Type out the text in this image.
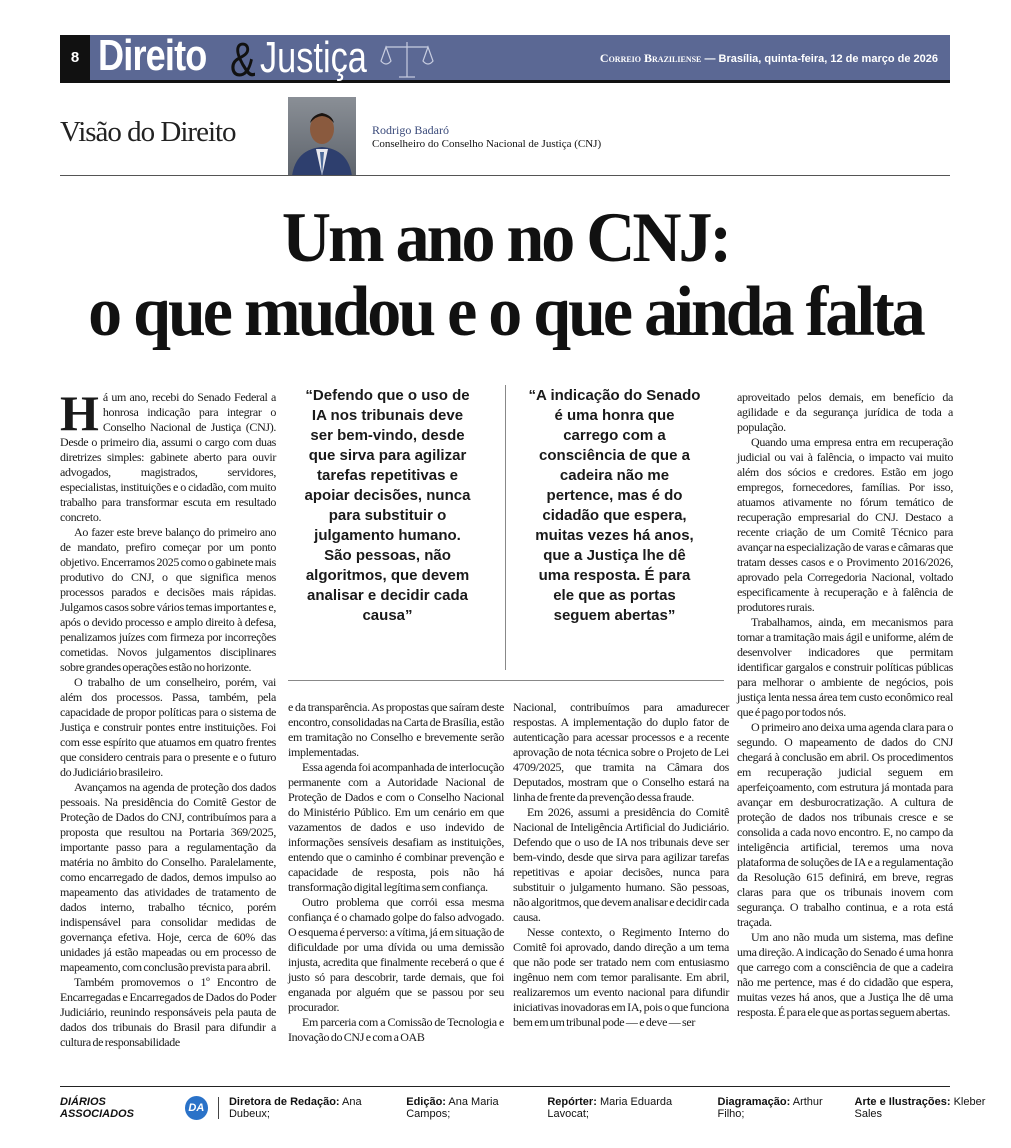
8 Direito & Justiça	Correio Braziliense — Brasília, quinta-feira, 12 de março de 2026
Visão do Direito	Rodrigo Badaró
Conselheiro do Conselho Nacional de Justiça (CNJ)
Um ano no CNJ:
o que mudou e o que ainda falta

Há um ano, recebi do Senado Federal a honrosa indicação para integrar o Conselho Nacional de Justiça (CNJ). Desde o primeiro dia, assumi o cargo com duas diretrizes simples: gabinete aberto para ouvir advogados, magistrados, servidores, especialistas, instituições e o cidadão, com muito trabalho para transformar escuta em resultado concreto.

Ao fazer este breve balanço do primeiro ano de mandato, prefiro começar por um ponto objetivo. Encerramos 2025 como o gabinete mais produtivo do CNJ, o que significa menos processos parados e decisões mais rápidas. Julgamos casos sobre vários temas importantes e, após o devido processo e amplo direito à defesa, penalizamos juízes com firmeza por incorreções cometidas. Novos julgamentos disciplinares sobre grandes operações estão no horizonte.

O trabalho de um conselheiro, porém, vai além dos processos. Passa, também, pela capacidade de propor políticas para o sistema de Justiça e construir pontes entre instituições. Foi com esse espírito que atuamos em quatro frentes que considero centrais para o presente e o futuro do Judiciário brasileiro.

Avançamos na agenda de proteção dos dados pessoais. Na presidência do Comitê Gestor de Proteção de Dados do CNJ, contribuímos para a proposta que resultou na Portaria 369/2025, importante passo para a regulamentação da matéria no âmbito do Conselho. Paralelamente, como encarregado de dados, demos impulso ao mapeamento das atividades de tratamento de dados interno, trabalho técnico, porém indispensável para consolidar medidas de governança efetiva. Hoje, cerca de 60% das unidades já estão mapeadas ou em processo de mapeamento, com conclusão prevista para abril.

Também promovemos o 1º Encontro de Encarregadas e Encarregados de Dados do Poder Judiciário, reunindo responsáveis pela pauta de dados dos tribunais do Brasil para difundir a cultura de responsabilidade

“Defendo que o uso de IA nos tribunais deve ser bem-vindo, desde que sirva para agilizar tarefas repetitivas e apoiar decisões, nunca para substituir o julgamento humano. São pessoas, não algoritmos, que devem analisar e decidir cada causa”
“A indicação do Senado é uma honra que carrego com a consciência de que a cadeira não me pertence, mas é do cidadão que espera, muitas vezes há anos, que a Justiça lhe dê uma resposta. É para ele que as portas seguem abertas”

e da transparência. As propostas que saíram deste encontro, consolidadas na Carta de Brasília, estão em tramitação no Conselho e brevemente serão implementadas.

Essa agenda foi acompanhada de interlocução permanente com a Autoridade Nacional de Proteção de Dados e com o Conselho Nacional do Ministério Público. Em um cenário em que vazamentos de dados e uso indevido de informações sensíveis desafiam as instituições, entendo que o caminho é combinar prevenção e capacidade de resposta, pois não há transformação digital legítima sem confiança.

Outro problema que corrói essa mesma confiança é o chamado golpe do falso advogado. O esquema é perverso: a vítima, já em situação de dificuldade por uma dívida ou uma demissão injusta, acredita que finalmente receberá o que é justo só para descobrir, tarde demais, que foi enganada por alguém que se passou por seu procurador.

Em parceria com a Comissão de Tecnologia e Inovação do CNJ e com a OAB

Nacional, contribuímos para amadurecer respostas. A implementação do duplo fator de autenticação para acessar processos e a recente aprovação de nota técnica sobre o Projeto de Lei 4709/2025, que tramita na Câmara dos Deputados, mostram que o Conselho estará na linha de frente da prevenção dessa fraude.

Em 2026, assumi a presidência do Comitê Nacional de Inteligência Artificial do Judiciário. Defendo que o uso de IA nos tribunais deve ser bem-vindo, desde que sirva para agilizar tarefas repetitivas e apoiar decisões, nunca para substituir o julgamento humano. São pessoas, não algoritmos, que devem analisar e decidir cada causa.

Nesse contexto, o Regimento Interno do Comitê foi aprovado, dando direção a um tema que não pode ser tratado nem com entusiasmo ingênuo nem com temor paralisante. Em abril, realizaremos um evento nacional para difundir iniciativas inovadoras em IA, pois o que funciona bem em um tribunal pode — e deve — ser

aproveitado pelos demais, em benefício da agilidade e da segurança jurídica de toda a população.

Quando uma empresa entra em recuperação judicial ou vai à falência, o impacto vai muito além dos sócios e credores. Estão em jogo empregos, fornecedores, famílias. Por isso, atuamos ativamente no fórum temático de recuperação empresarial do CNJ. Destaco a recente criação de um Comitê Técnico para avançar na especialização de varas e câmaras que tratam desses casos e o Provimento 2016/2026, aprovado pela Corregedoria Nacional, voltado especificamente à recuperação e à falência de produtores rurais.

Trabalhamos, ainda, em mecanismos para tornar a tramitação mais ágil e uniforme, além de desenvolver indicadores que permitam identificar gargalos e construir políticas públicas para melhorar o ambiente de negócios, pois justiça lenta nessa área tem custo econômico real que é pago por todos nós.

O primeiro ano deixa uma agenda clara para o segundo. O mapeamento de dados do CNJ chegará à conclusão em abril. Os procedimentos em recuperação judicial seguem em aperfeiçoamento, com estrutura já montada para avançar em desburocratização. A cultura de proteção de dados nos tribunais cresce e se consolida a cada novo encontro. E, no campo da inteligência artificial, teremos uma nova plataforma de soluções de IA e a regulamentação da Resolução 615 definirá, em breve, regras claras para que os tribunais inovem com segurança. O trabalho continua, e a rota está traçada.

Um ano não muda um sistema, mas define uma direção. A indicação do Senado é uma honra que carrego com a consciência de que a cadeira não me pertence, mas é do cidadão que espera, muitas vezes há anos, que a Justiça lhe dê uma resposta. É para ele que as portas seguem abertas.

DIÁRIOS ASSOCIADOS	DA	Diretora de Redação: Ana Dubeux;
Edição: Ana Maria Campos;
Repórter: Maria Eduarda Lavocat;
Diagramação: Arthur Filho;
Arte e Ilustrações: Kleber Sales
